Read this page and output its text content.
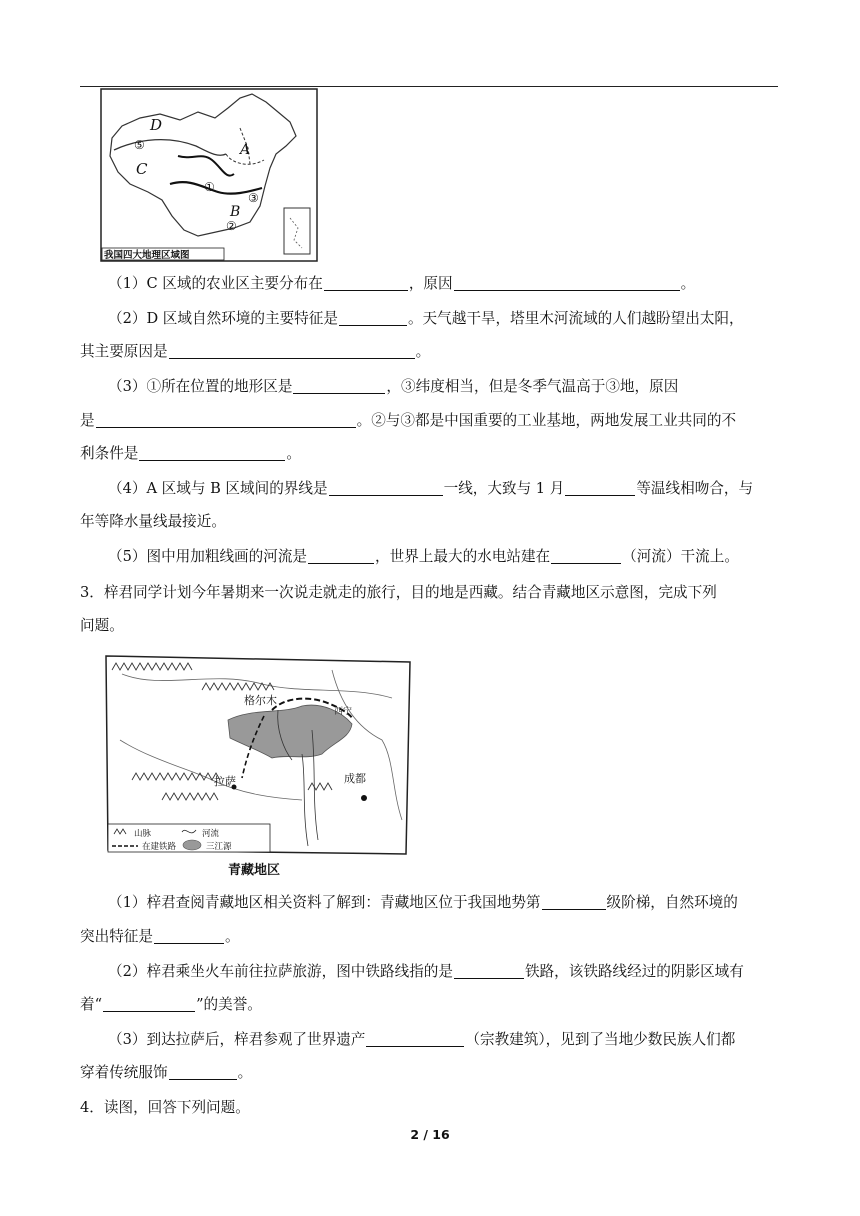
D
C
A
B
⑤
①
③
②
我国四大地理区域图
（1）C 区域的农业区主要分布在	，原因	。
（2）D 区域自然环境的主要特征是	。天气越干旱，塔里木河流域的人们越盼望出太阳，
其主要原因是	。
（3）①所在位置的地形区是	，③纬度相当，但是冬季气温高于③地，原因
是	。②与③都是中国重要的工业基地，两地发展工业共同的不
利条件是	。
（4）A 区域与 B 区域间的界线是	一线，大致与 1 月	等温线相吻合，与
年等降水量线最接近。
（5）图中用加粗线画的河流是	，世界上最大的水电站建在	（河流）干流上。
3．梓君同学计划今年暑期来一次说走就走的旅行，目的地是西藏。结合青藏地区示意图，完成下列
问题。
格尔木
拉萨	成都
西宁
山脉	河流
在建铁路	三江源
青藏地区
（1）梓君查阅青藏地区相关资料了解到：青藏地区位于我国地势第	级阶梯，自然环境的
突出特征是	。
（2）梓君乘坐火车前往拉萨旅游，图中铁路线指的是	铁路，该铁路线经过的阴影区域有
着“	”的美誉。
（3）到达拉萨后，梓君参观了世界遗产	（宗教建筑），见到了当地少数民族人们都
穿着传统服饰	。
4．读图，回答下列问题。
2 / 16
